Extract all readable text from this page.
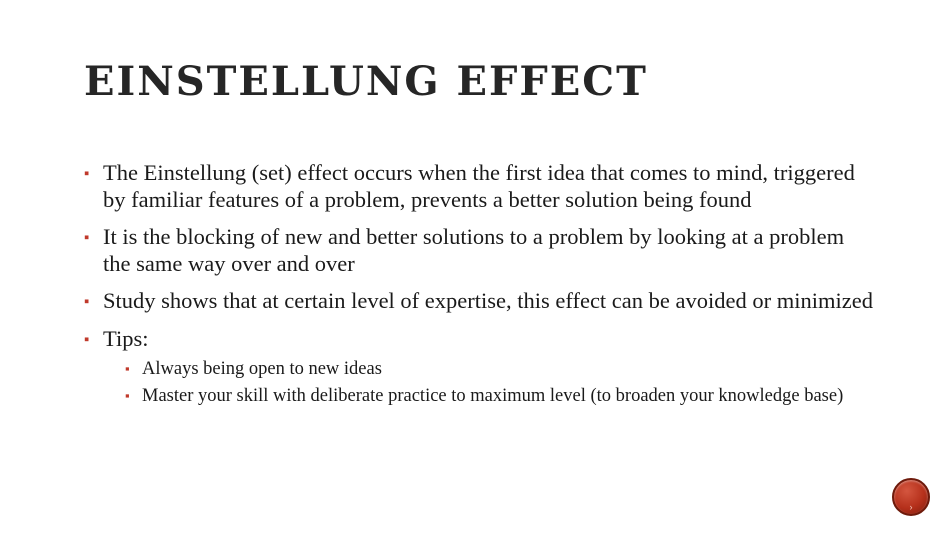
EINSTELLUNG EFFECT
▪ The Einstellung (set) effect occurs when the first idea that comes to mind, triggered by familiar features of a problem, prevents a better solution being found
▪ It is the blocking of new and better solutions to a problem by looking at a problem the same way over and over
▪ Study shows that at certain level of expertise, this effect can be avoided or minimized
▪ Tips:
▪ Always being open to new ideas
▪ Master your skill with deliberate practice to maximum level (to broaden your knowledge base)
›
